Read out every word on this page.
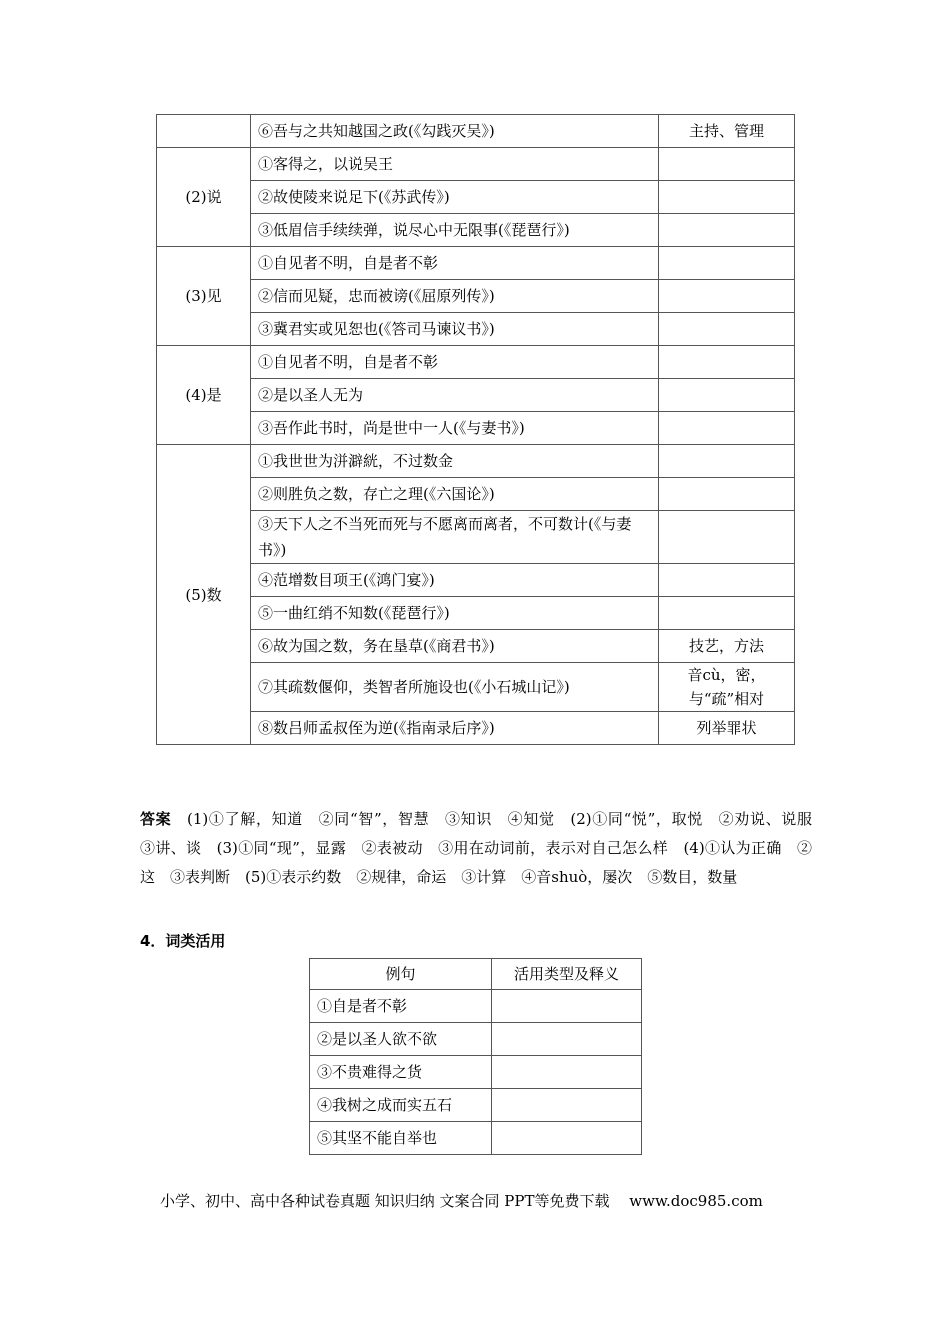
	⑥吾与之共知越国之政(《勾践灭吴》)	主持、管理
(2)说	①客得之，以说吴王	
	②故使陵来说足下(《苏武传》)	
	③低眉信手续续弹，说尽心中无限事(《琵琶行》)	
(3)见	①自见者不明，自是者不彰	
	②信而见疑，忠而被谤(《屈原列传》)	
	③冀君实或见恕也(《答司马谏议书》)	
(4)是	①自见者不明，自是者不彰	
	②是以圣人无为	
	③吾作此书时，尚是世中一人(《与妻书》)	
(5)数	①我世世为洴澼絖，不过数金	
	②则胜负之数，存亡之理(《六国论》)	
	③天下人之不当死而死与不愿离而离者，不可数计(《与妻书》)	
	④范增数目项王(《鸿门宴》)	
	⑤一曲红绡不知数(《琵琶行》)	
	⑥故为国之数，务在垦草(《商君书》)	技艺，方法
	⑦其疏数偃仰，类智者所施设也(《小石城山记》)	音cù，密，与“疏”相对
	⑧数吕师孟叔侄为逆(《指南录后序》)	列举罪状

答案　 (1)①了解，知道　②同“智”，智慧　③知识　④知觉　(2)①同“悦”，取悦　②劝说、说服　③讲、谈　(3)①同“现”，显露　②表被动　③用在动词前，表示对自己怎么样　(4)①认为正确　②这　③表判断　(5)①表示约数　②规律，命运　③计算　④音shuò，屡次　⑤数目，数量

4．词类活用
例句	活用类型及释义
①自是者不彰	
②是以圣人欲不欲	
③不贵难得之货	
④我树之成而实五石	
⑤其坚不能自举也	
小学、初中、高中各种试卷真题 知识归纳 文案合同 PPT等免费下载　 www.doc985.com
